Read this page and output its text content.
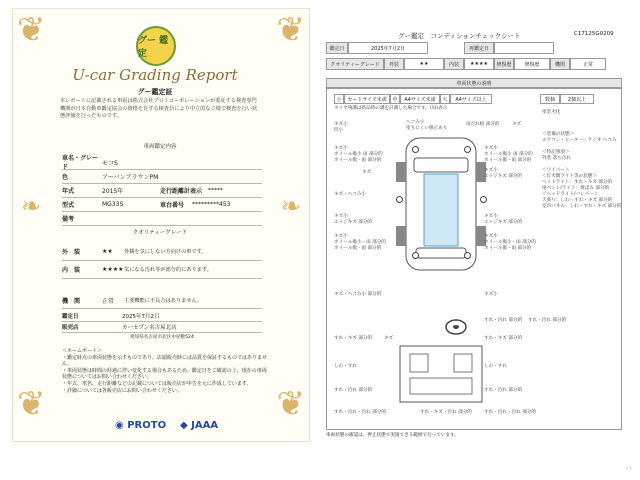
❦	❦
❦	❦
❧	❧
グー 鑑定
U-car Grading Report
グー鑑定証
本レポートに記載される車両は株式会社プロトコーポレーションが委託する検査専門機関が日本自動車鑑定協会の資格を有する検査員により中立的な立場で検査を行い状態評価を行ったものです。
車両鑑定内容
車名・グレード
モコS
色	アーバンブラウンPM
年式	2015年	走行距離計表示 *****
型式	MG33S	車台番号	*********453
備考
クオリティーグレード
外　装	★★	外観を気にしない方向けの車です。
内　装	★★★★ 気になる汚れ等が部分的にあります。
機　関	正常	主要機能に不具合はありません。
鑑定日	2025年7月2日
販売店	カーセブン名古屋北店
愛知県名古屋市北区中屋敷524
＜ホームポート＞
・鑑定時点の車両状態を示すものであり、店頭販売時には品質を保証するものではありません。
・車両状態は時間の経過に伴い変化する場合もあるため、鑑定日をご確認の上、現在の車両状態についてはお問い合わせください。
・年式、車名、走行距離などの記載については販売店が申告を元に作成しています。
・詳細については各販売店にお問い合わせください。
◉ PROTO ◆ JAAA
グー鑑定　コンディションチェックシート	C17125G0209
鑑定日	2025年7月2日	再鑑定日
クオリティーグレード	外装	★★	内装	★★★★	修復歴	修復歴	機関	正常
車両状態の説明
小	カードサイズ未満	中	A4サイズ未満	大	A4サイズ以上	数個	2個以上
タイヤ残溝は新品時の溝を計測した場合です。(Ｍ)表示
キズ小
凹小
ヘコみ小
塗りにくい修正あり
雨だれ痕 部分的	キズ
塗装劣化
キズ小
ホイール傷小 雨 部分的
ホイール傷・雨 部分的
キズ小
ホイール傷小 雨 部分的
ホイール傷・雨 部分的
キズ	キズ小
エッジキズ 部分的
キズ・ヘコみ小
キズ小
エッジキズ 部分的
キズ小
エッジキズ 部分的
キズ小
ホイール傷小・雨 部分的
ホイール傷・雨 部分的
キズ小
ホイール傷小・雨 部分的
ホイール傷・雨 部分的
キズ・ヘコみ小 部分的	キズ小
すれ・汚れ 部分的
すれ・キズ 部分的	すれ・キズ 部分的
キズ
しわ・すれ	しわ・すれ
すれ・汚れ 部分的	すれ・汚れ 部分的
すれ・汚れ・汚れ 部分的	すれ・汚れ・汚れ 部分的
すれ・キズ・汚れ 部分的
すれ・汚れ 部分的
＜装備の状態＞
エアコン・ヒーター・ラジオ ヘコみ

＜特記事項＞
外装 落ち汚れ

＜ワイパー＞
＜灯火類ライト等の状態＞
ヘッドライト：すれ・キズ 部分的
尾ベント/ライト：黄ばみ 部分的
＜ヘッドライト/バンパー＞
天張り：しわ・すれ・キズ 部分的
室内パネル：しわ・すれ・キズ 部分的
車両状態の確認は、押止状態で実施できる範囲で行っています。
‹ ›
